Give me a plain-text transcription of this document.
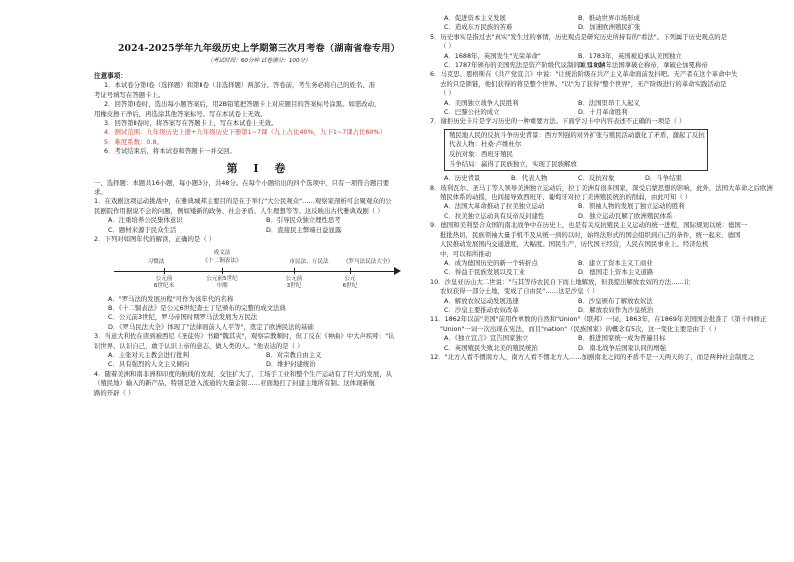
2024-2025学年九年级历史上学期第三次月考卷（湖南省卷专用）
（考试时间：60分钟 试卷满分：100分）
注意事项：
1．本试卷分第Ⅰ卷（选择题）和第Ⅱ卷（非选择题）两部分。答卷前，考生务必将自己的姓名、准
考证号填写在答题卡上。
2．回答第Ⅰ卷时，选出每小题答案后，用2B铅笔把答题卡上对应题目的答案标号涂黑。如需改动，
用橡皮擦干净后，再选涂其他答案标号。写在本试卷上无效。
3．回答第Ⅱ卷时，将答案写在答题卡上，写在本试卷上无效。
4．测试范围：九年级历史上册+九年级历史下册第1~7课（九上占比40%，九下1~7课占比60%）
5．难度系数：0.8。
6．考试结束后，将本试卷和答题卡一并交回。
第 Ⅰ 卷
一、选择题：本题共16小题，每小题3分，共48分。在每个小题给出的四个选项中，只有一项符合题目要
求。
1．在戏剧这项运动挑战中，在雅典城邦主要目的是在于举行"大公民观众"……观察家剖析可会聚观众的公
民剧院作用据说不会的问题，例如矮新的政务、社会矛盾、人生理想等等。这反映出古代雅典戏剧（ ）
A．注重培养公民集体意识	B．引导民众独立理性思考
C．题材来源于民众生活	D．直接民主弊端日益显露
2．下列对如图年代的解读，正确的是（ ）
习惯法
成文法
《十二铜表法》	市民法、万民法	《罗马法民法大全》
公元前
6世纪末
公元前5世纪
中期
公元前
3世纪
公元
6世纪
A．"罗马法的发展历程"可作为该年代的名称
B．《十二铜表法》是公元6世纪查士丁尼颁布的完整的成文法典
C．公元前3世纪，罗马帝国时期罗马法发展为万民法
D．《罗马民法大全》体现了"法律面前人人平等"，奠定了欧洲民法的基础
3．当意大利佐在读到被西尼《圣徒传》书籍"魏其夹"，观察宗教顺时，但丁反在《神曲》中大声疾呼："认
识世界、认识自己，敢于认识上帝的意志，做人类的人。"他表达的是（ ）
A．主张对天主教会进行批判	B．对宗教自由主义
C．具有强烈的人文主义倾向	D．维护封建统治
4．随着美洲和南非洲和印度的航线的发现，交往扩大了，工场手工业和整个生产运动有了巨大的发展，从
（殖民地）输入的新产品，特别是进入流通的大量金银……亚面地打了封建主地所有制。这体现新航
路的开辟（ ）
A．促进资本主义发展	B．推动世界市场形成
C．造成东方民族的苦难	D．加速欧洲殖民扩张
5．历史事实是指过去"真实"发生过的事情，历史观点是研究历史所持有的"看法"。下列属于历史观点的是
（ ）
A．1688年，英国发生"光荣革命"	B．1783年，英国被迫承认美国独立
C．1787年颁布的美国宪法是资产阶级代议制的重要文献
D．1804年法国拿破仑称帝，拿破仑加冕称帝
6．马克思、恩格斯在《共产党宣言》中说："让统治阶级在共产主义革命面前发抖吧。无产者在这个革命中失
去的只是锁链，他们获得的将是整个世界。"以"为了获得"整个世界"，无产阶级进行的革命实践活动是
（ ）
A．美国独立战争人民胜利	B．法国里昂工人起义
C．巴黎公社的成立	D．十月革命胜利
7．谢拒历史卡片是学习历史的一种重要方法。下面学习卡中内容表述不正确的一项是（ ）
殖民地人民的反抗斗争历史背景：西方列强的对外扩张与殖民活动激化了矛盾，激起了反抗
代表人物：杜桑·卢维杜尔
反抗对象：西班牙殖民
斗争结局：赢得了民族独立，实现了民族解放
A．历史背景	B．代表人物	C．反抗对象	D．斗争结果
8．玻利瓦尔、圣马丁等人领导美洲独立运动后，拉丁美洲有很多国家，深受启蒙思想的影响，此外，法国大革命之后欧洲
殖民体系的动摇，也间接导致西班牙、葡萄牙对拉丁美洲殖民统治的削弱，由此可知（ ）
A．法国大革命推动了拉美独立运动	B．领袖人物的发展了独立运动的胜利
C．拉美独立运动具有反帝反封建性	D．独立运动瓦解了欧洲殖民体系
9．德国和美利坚合众国的南北战争中在历史上，也是有关反抗殖民主义运动的统一进程，国际规划以统：德国一
批批热切，民族领袖大量手机不及从统一到的以时，始终法形式的国会组织到自己的条件，统一起来，德国
人民推动发展国内交通进度，大幅度。国民生产，历代国王经营，人民在国民事业上。经济危机
中，可以和所推动
A．成为德国历史的新一个转折点	B．建立了资本主义工商业
C．得益于民族发展以及工业	D．德国走上资本主义道路
10．沙皇亚历山大二世说："与其等待农民自下而上地解放，但我提出解放农奴的方法……让
农奴获得一部分土地，变成了自由民"……这是沙皇（ ）
A．解放农奴运动发展迅速	B．沙皇颁布了解放农奴法
C．沙皇主要推动农奴改革	D．解放农奴作为沙皇统治
11．1862年以前"美国"前用作单数的自然和"Union"（联邦）一词，1863年，在1869年美国国会批准了《第十四修正
"Union"一词一次出现在宪法，而且"nation"（民族国家）的概念有5次，这一变化主要是由于（ ）
A．《独立宣言》宣告国家独立	B．推进国家统一成为普遍目标
C．英国殖民失败北美的殖民统治	D．南北战争后国家认同的增强
12．"北方人看不惯南方人，南方人看不惯北方人……加剧南北之间的矛盾不是一天两天的了，而是两种社会制度之
